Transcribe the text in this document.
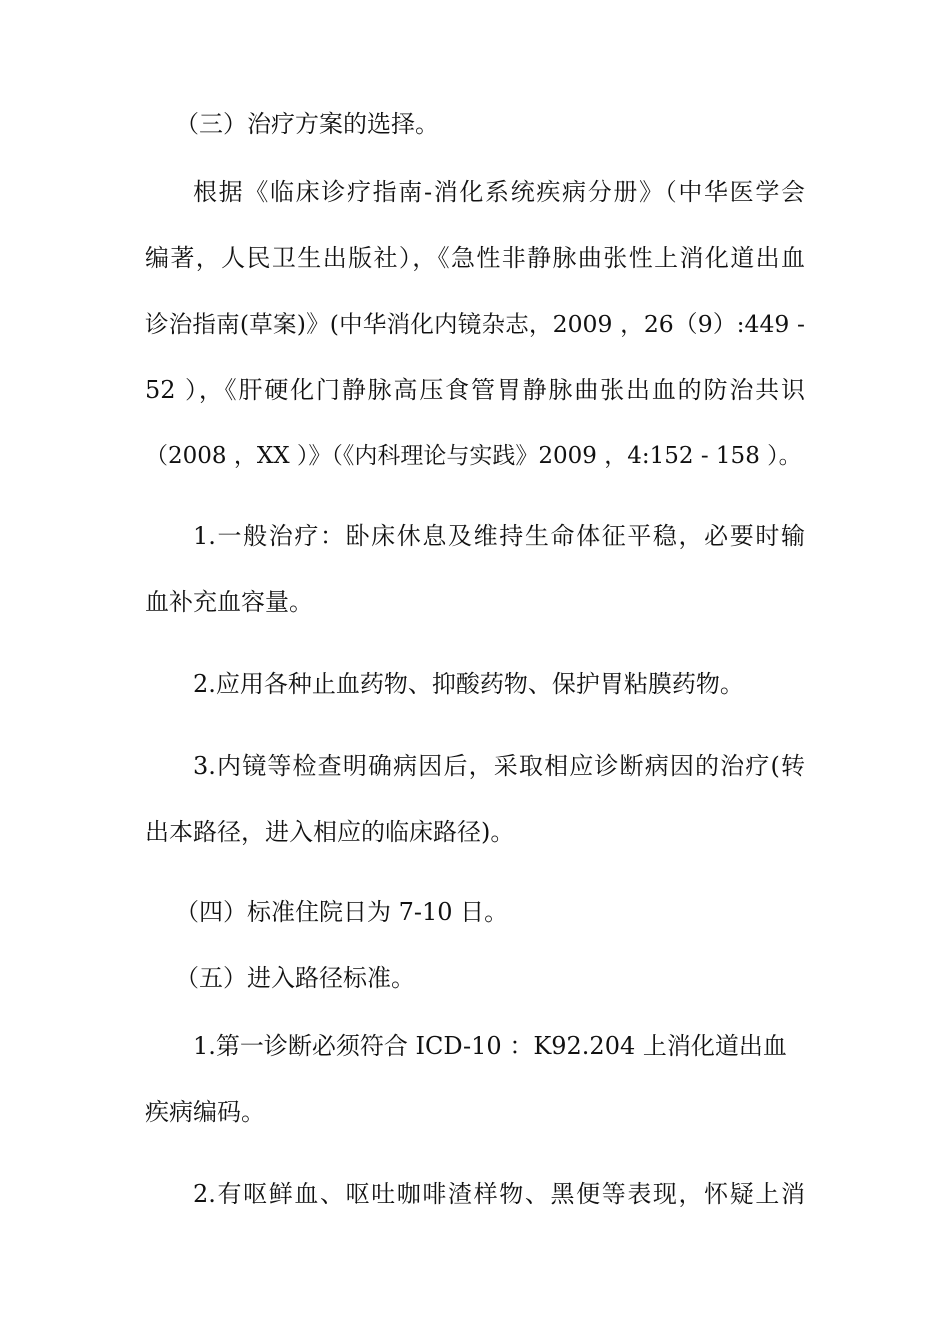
（三）治疗方案的选择。
根据《临床诊疗指南-消化系统疾病分册》（中华医学会
编著，人民卫生出版社），《急性非静脉曲张性上消化道出血
诊治指南(草案)》(中华消化内镜杂志，2009 ，26（9）:449 -
52 ），《肝硬化门静脉高压食管胃静脉曲张出血的防治共识
（2008 ，XX ）》（《内科理论与实践》2009 ，4:152 - 158 ）。
1.一般治疗：卧床休息及维持生命体征平稳，必要时输
血补充血容量。
2.应用各种止血药物、抑酸药物、保护胃粘膜药物。
3.内镜等检查明确病因后，采取相应诊断病因的治疗(转
出本路径，进入相应的临床路径)。
（四）标准住院日为 7-10 日。
（五）进入路径标准。
1.第一诊断必须符合 ICD-10 ：K92.204 上消化道出血
疾病编码。
2.有呕鲜血、呕吐咖啡渣样物、黑便等表现，怀疑上消
